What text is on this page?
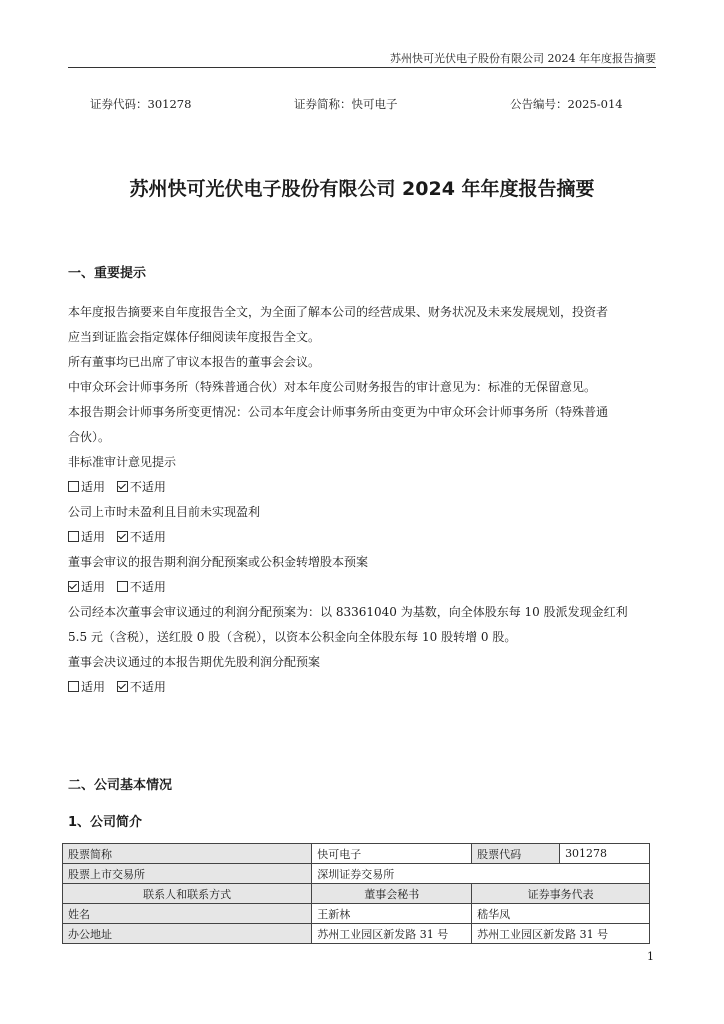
苏州快可光伏电子股份有限公司 2024 年年度报告摘要
证券代码：301278	证券简称：快可电子	公告编号：2025-014
苏州快可光伏电子股份有限公司 2024 年年度报告摘要
一、重要提示
本年度报告摘要来自年度报告全文，为全面了解本公司的经营成果、财务状况及未来发展规划，投资者
应当到证监会指定媒体仔细阅读年度报告全文。
所有董事均已出席了审议本报告的董事会会议。
中审众环会计师事务所（特殊普通合伙）对本年度公司财务报告的审计意见为：标准的无保留意见。
本报告期会计师事务所变更情况：公司本年度会计师事务所由变更为中审众环会计师事务所（特殊普通
合伙）。
非标准审计意见提示
适用 不适用
公司上市时未盈利且目前未实现盈利
适用 不适用
董事会审议的报告期利润分配预案或公积金转增股本预案
适用 不适用
公司经本次董事会审议通过的利润分配预案为：以 83361040 为基数，向全体股东每 10 股派发现金红利
5.5 元（含税），送红股 0 股（含税），以资本公积金向全体股东每 10 股转增 0 股。
董事会决议通过的本报告期优先股利润分配预案
适用 不适用
二、公司基本情况
1、公司简介
股票简称	快可电子	股票代码	301278
股票上市交易所	深圳证券交易所		
联系人和联系方式	董事会秘书	证券事务代表	
姓名	王新林	嵇华凤	
办公地址	苏州工业园区新发路 31 号	苏州工业园区新发路 31 号	
1
